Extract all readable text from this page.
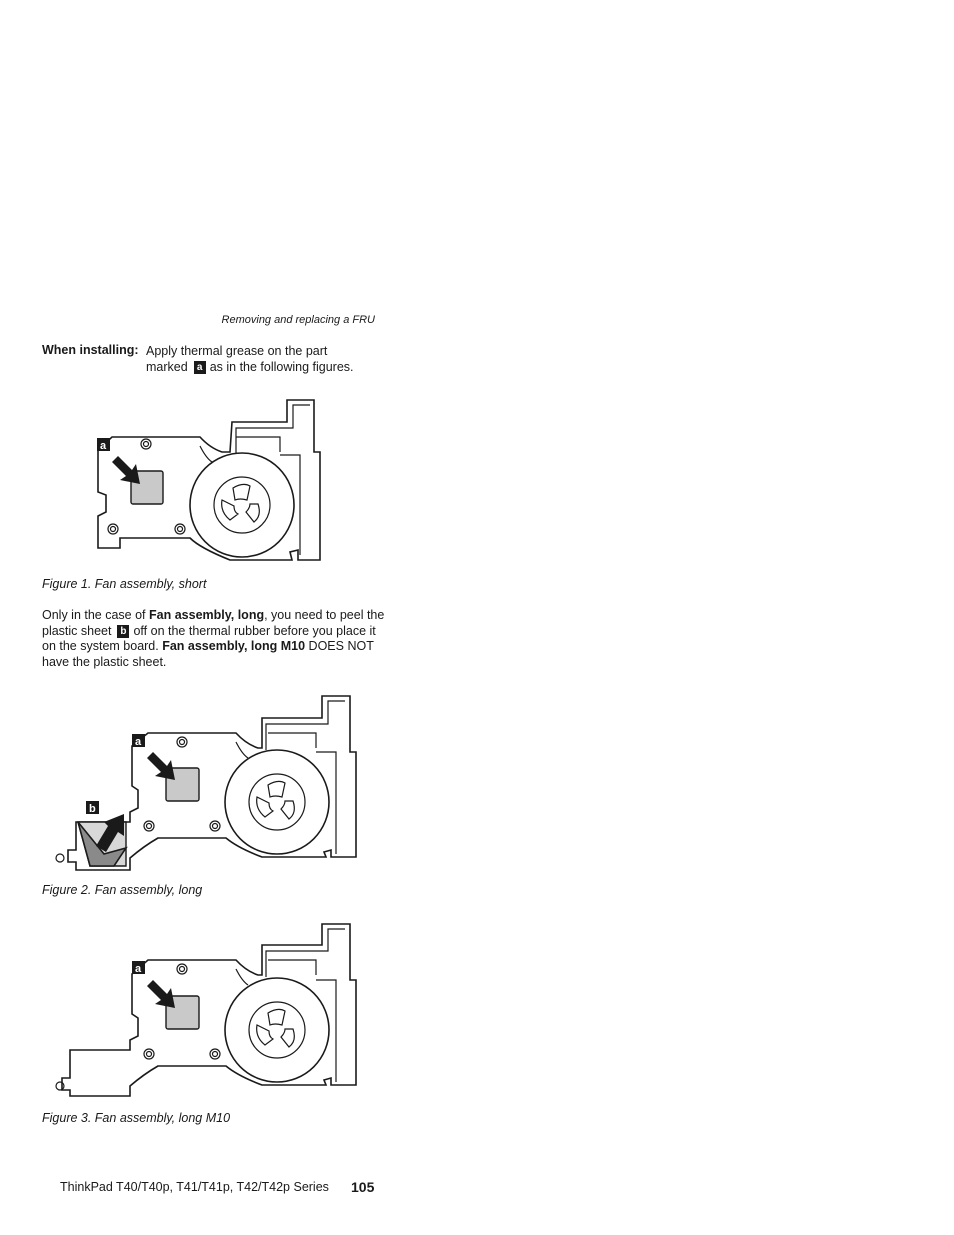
Removing and replacing a FRU
When installing: Apply thermal grease on the part
marked a as in the following figures.
a
Figure 1. Fan assembly, short
Only in the case of Fan assembly, long, you need to peel the plastic sheet b off on the thermal rubber before you place it on the system board. Fan assembly, long M10 DOES NOT have the plastic sheet.
a
b
Figure 2. Fan assembly, long
a
Figure 3. Fan assembly, long M10
ThinkPad T40/T40p, T41/T41p, T42/T42p Series 105
